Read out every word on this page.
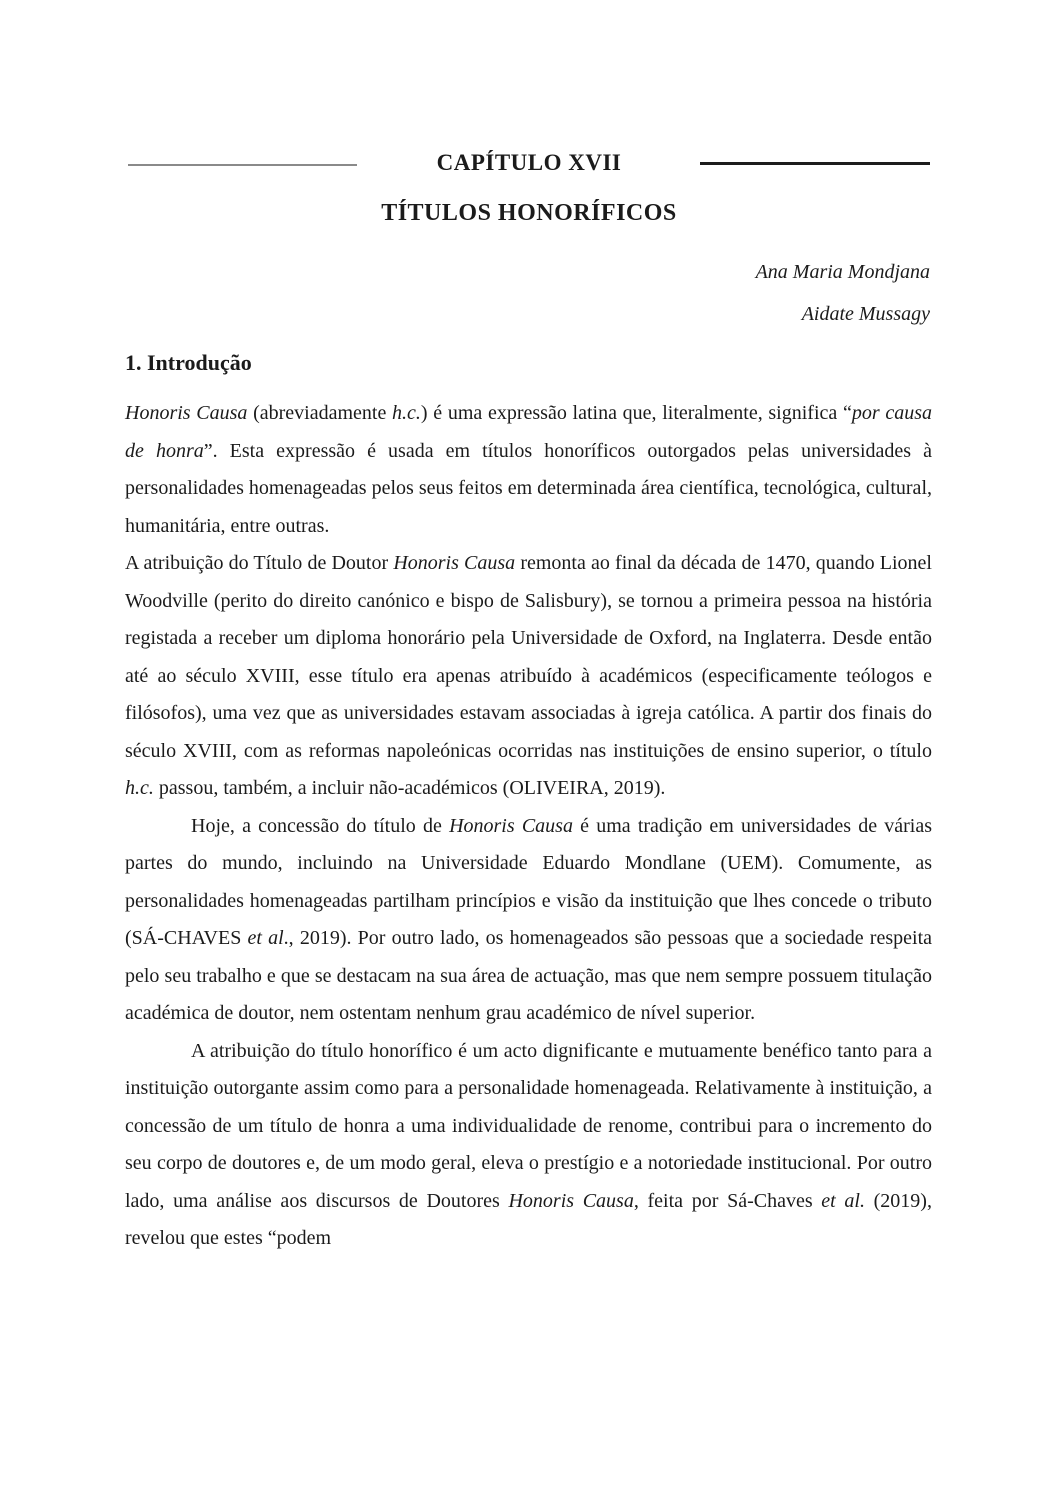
CAPÍTULO XVII
TÍTULOS HONORÍFICOS
Ana Maria Mondjana
Aidate Mussagy
1. Introdução

Honoris Causa (abreviadamente h.c.) é uma expressão latina que, literalmente, significa “por causa de honra”. Esta expressão é usada em títulos honoríficos outorgados pelas universidades à personalidades homenageadas pelos seus feitos em determinada área científica, tecnológica, cultural, humanitária, entre outras.

A atribuição do Título de Doutor Honoris Causa remonta ao final da década de 1470, quando Lionel Woodville (perito do direito canónico e bispo de Salisbury), se tornou a primeira pessoa na história registada a receber um diploma honorário pela Universidade de Oxford, na Inglaterra. Desde então até ao século XVIII, esse título era apenas atribuído à académicos (especificamente teólogos e filósofos), uma vez que as universidades estavam associadas à igreja católica. A partir dos finais do século XVIII, com as reformas napoleónicas ocorridas nas instituições de ensino superior, o título h.c. passou, também, a incluir não-académicos (OLIVEIRA, 2019).

Hoje, a concessão do título de Honoris Causa é uma tradição em universidades de várias partes do mundo, incluindo na Universidade Eduardo Mondlane (UEM). Comumente, as personalidades homenageadas partilham princípios e visão da instituição que lhes concede o tributo (SÁ-CHAVES et al., 2019). Por outro lado, os homenageados são pessoas que a sociedade respeita pelo seu trabalho e que se destacam na sua área de actuação, mas que nem sempre possuem titulação académica de doutor, nem ostentam nenhum grau académico de nível superior.

A atribuição do título honorífico é um acto dignificante e mutuamente benéfico tanto para a instituição outorgante assim como para a personalidade homenageada. Relativamente à instituição, a concessão de um título de honra a uma individualidade de renome, contribui para o incremento do seu corpo de doutores e, de um modo geral, eleva o prestígio e a notoriedade institucional. Por outro lado, uma análise aos discursos de Doutores Honoris Causa, feita por Sá-Chaves et al. (2019), revelou que estes “podem
